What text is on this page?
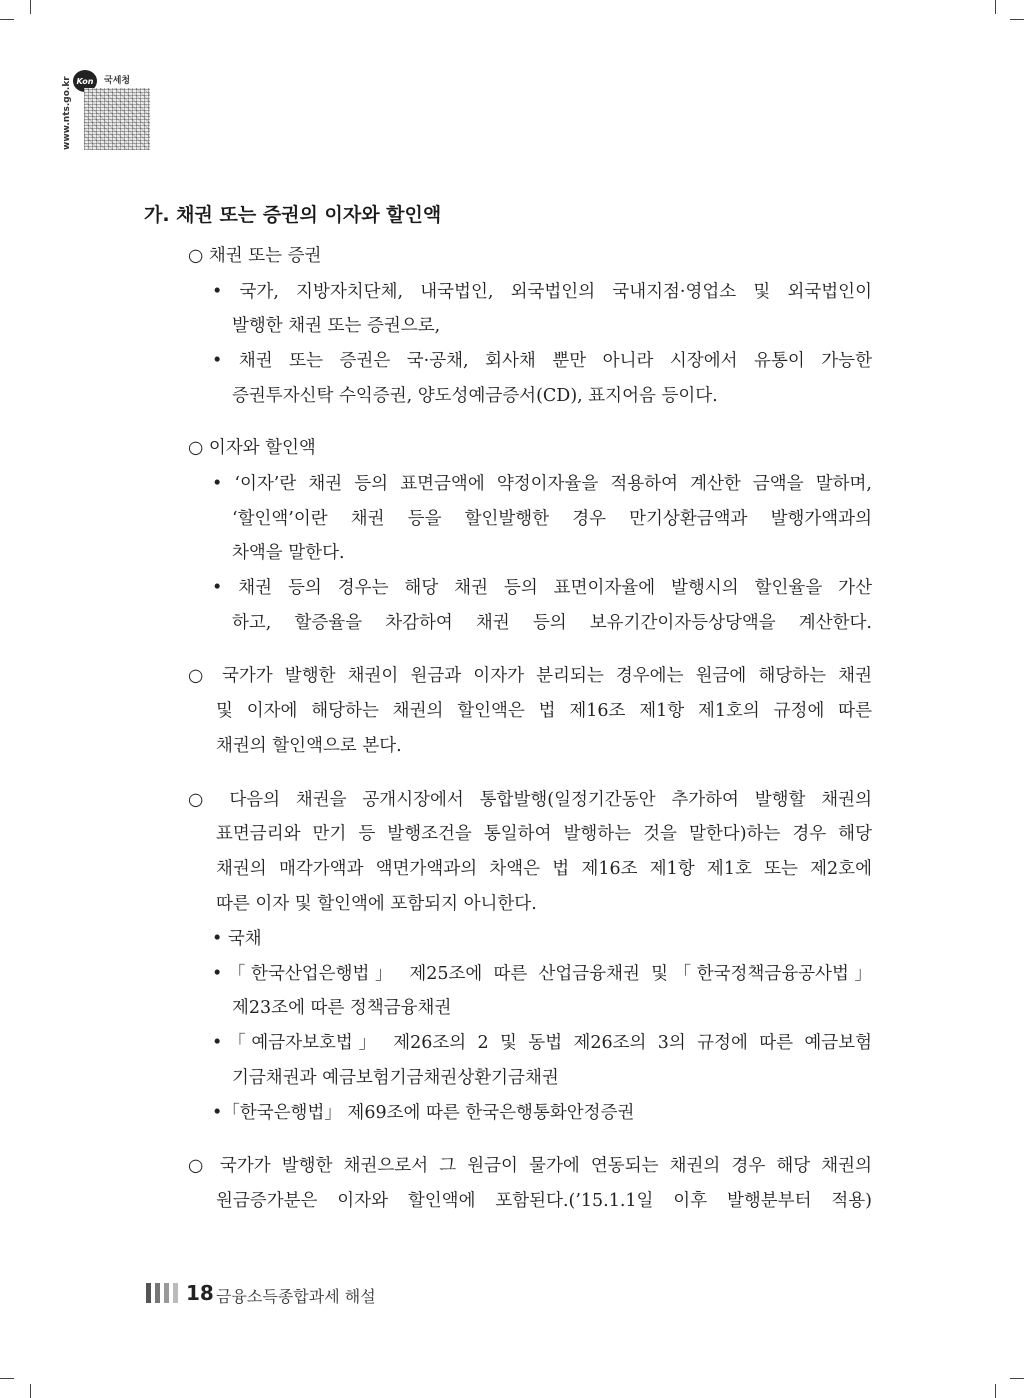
Kon	국세청
www.nts.go.kr
가. 채권 또는 증권의 이자와 할인액
○ 채권 또는 증권
• 국가, 지방자치단체, 내국법인, 외국법인의 국내지점·영업소 및 외국법인이
발행한 채권 또는 증권으로,
• 채권 또는 증권은 국·공채, 회사채 뿐만 아니라 시장에서 유통이 가능한
증권투자신탁 수익증권, 양도성예금증서(CD), 표지어음 등이다.
○ 이자와 할인액
• ‘이자’란 채권 등의 표면금액에 약정이자율을 적용하여 계산한 금액을 말하며,
‘할인액’이란 채권 등을 할인발행한 경우 만기상환금액과 발행가액과의
차액을 말한다.
• 채권 등의 경우는 해당 채권 등의 표면이자율에 발행시의 할인율을 가산
하고, 할증율을 차감하여 채권 등의 보유기간이자등상당액을 계산한다.
○ 국가가 발행한 채권이 원금과 이자가 분리되는 경우에는 원금에 해당하는 채권
및 이자에 해당하는 채권의 할인액은 법 제16조 제1항 제1호의 규정에 따른
채권의 할인액으로 본다.
○ 다음의 채권을 공개시장에서 통합발행(일정기간동안 추가하여 발행할 채권의
표면금리와 만기 등 발행조건을 통일하여 발행하는 것을 말한다)하는 경우 해당
채권의 매각가액과 액면가액과의 차액은 법 제16조 제1항 제1호 또는 제2호에
따른 이자 및 할인액에 포함되지 아니한다.
• 국채
•「한국산업은행법」 제25조에 따른 산업금융채권 및「한국정책금융공사법」
제23조에 따른 정책금융채권
•「예금자보호법」 제26조의 2 및 동법 제26조의 3의 규정에 따른 예금보험
기금채권과 예금보험기금채권상환기금채권
•「한국은행법」 제69조에 따른 한국은행통화안정증권
○ 국가가 발행한 채권으로서 그 원금이 물가에 연동되는 채권의 경우 해당 채권의
원금증가분은 이자와 할인액에 포함된다.(’15.1.1일 이후 발행분부터 적용)
18 금융소득종합과세 해설
